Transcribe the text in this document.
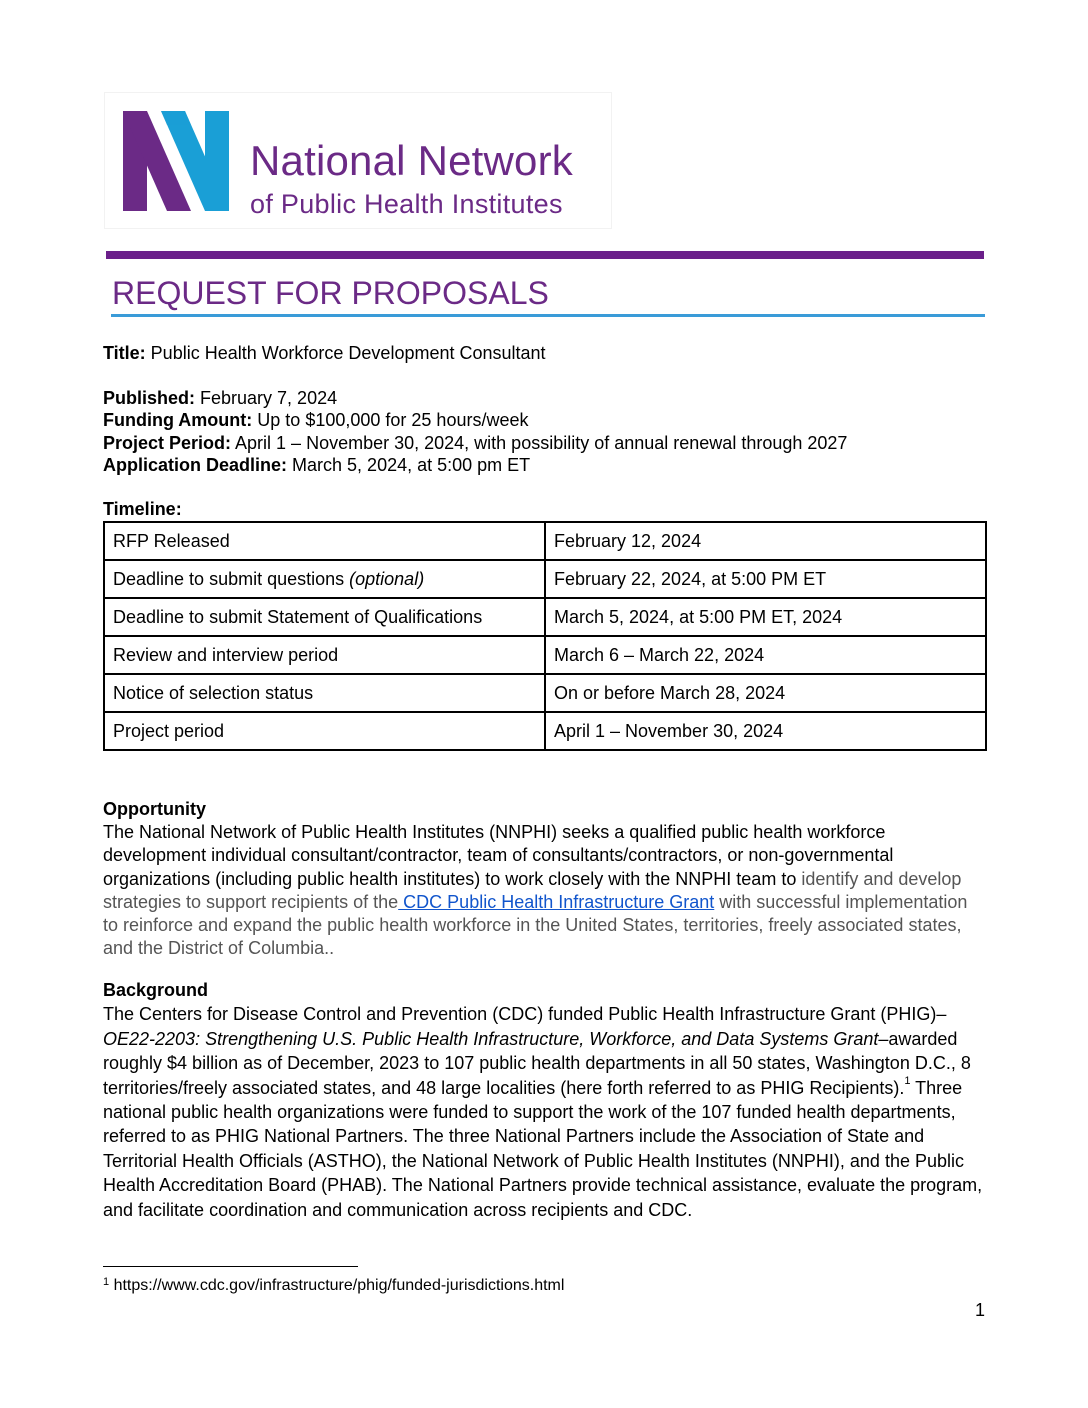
National Network
of Public Health Institutes
REQUEST FOR PROPOSALS
Title: Public Health Workforce Development Consultant
Published: February 7, 2024
Funding Amount: Up to $100,000 for 25 hours/week
Project Period: April 1 – November 30, 2024, with possibility of annual renewal through 2027
Application Deadline: March 5, 2024, at 5:00 pm ET
Timeline:
RFP Released	February 12, 2024
Deadline to submit questions (optional)	February 22, 2024, at 5:00 PM ET
Deadline to submit Statement of Qualifications	March 5, 2024, at 5:00 PM ET, 2024
Review and interview period	March 6 – March 22, 2024
Notice of selection status	On or before March 28, 2024
Project period	April 1 – November 30, 2024
Opportunity
The National Network of Public Health Institutes (NNPHI) seeks a qualified public health workforce development individual consultant/contractor, team of consultants/contractors, or non-governmental organizations (including public health institutes) to work closely with the NNPHI team to identify and develop strategies to support recipients of the CDC Public Health Infrastructure Grant with successful implementation to reinforce and expand the public health workforce in the United States, territories, freely associated states, and the District of Columbia..
Background
The Centers for Disease Control and Prevention (CDC) funded Public Health Infrastructure Grant (PHIG)–OE22-2203: Strengthening U.S. Public Health Infrastructure, Workforce, and Data Systems Grant–awarded roughly $4 billion as of December, 2023 to 107 public health departments in all 50 states, Washington D.C., 8 territories/freely associated states, and 48 large localities (here forth referred to as PHIG Recipients).$^1$ Three national public health organizations were funded to support the work of the 107 funded health departments, referred to as PHIG National Partners. The three National Partners include the Association of State and Territorial Health Officials (ASTHO), the National Network of Public Health Institutes (NNPHI), and the Public Health Accreditation Board (PHAB). The National Partners provide technical assistance, evaluate the program, and facilitate coordination and communication across recipients and CDC.
$^1$ https://www.cdc.gov/infrastructure/phig/funded-jurisdictions.html
1
